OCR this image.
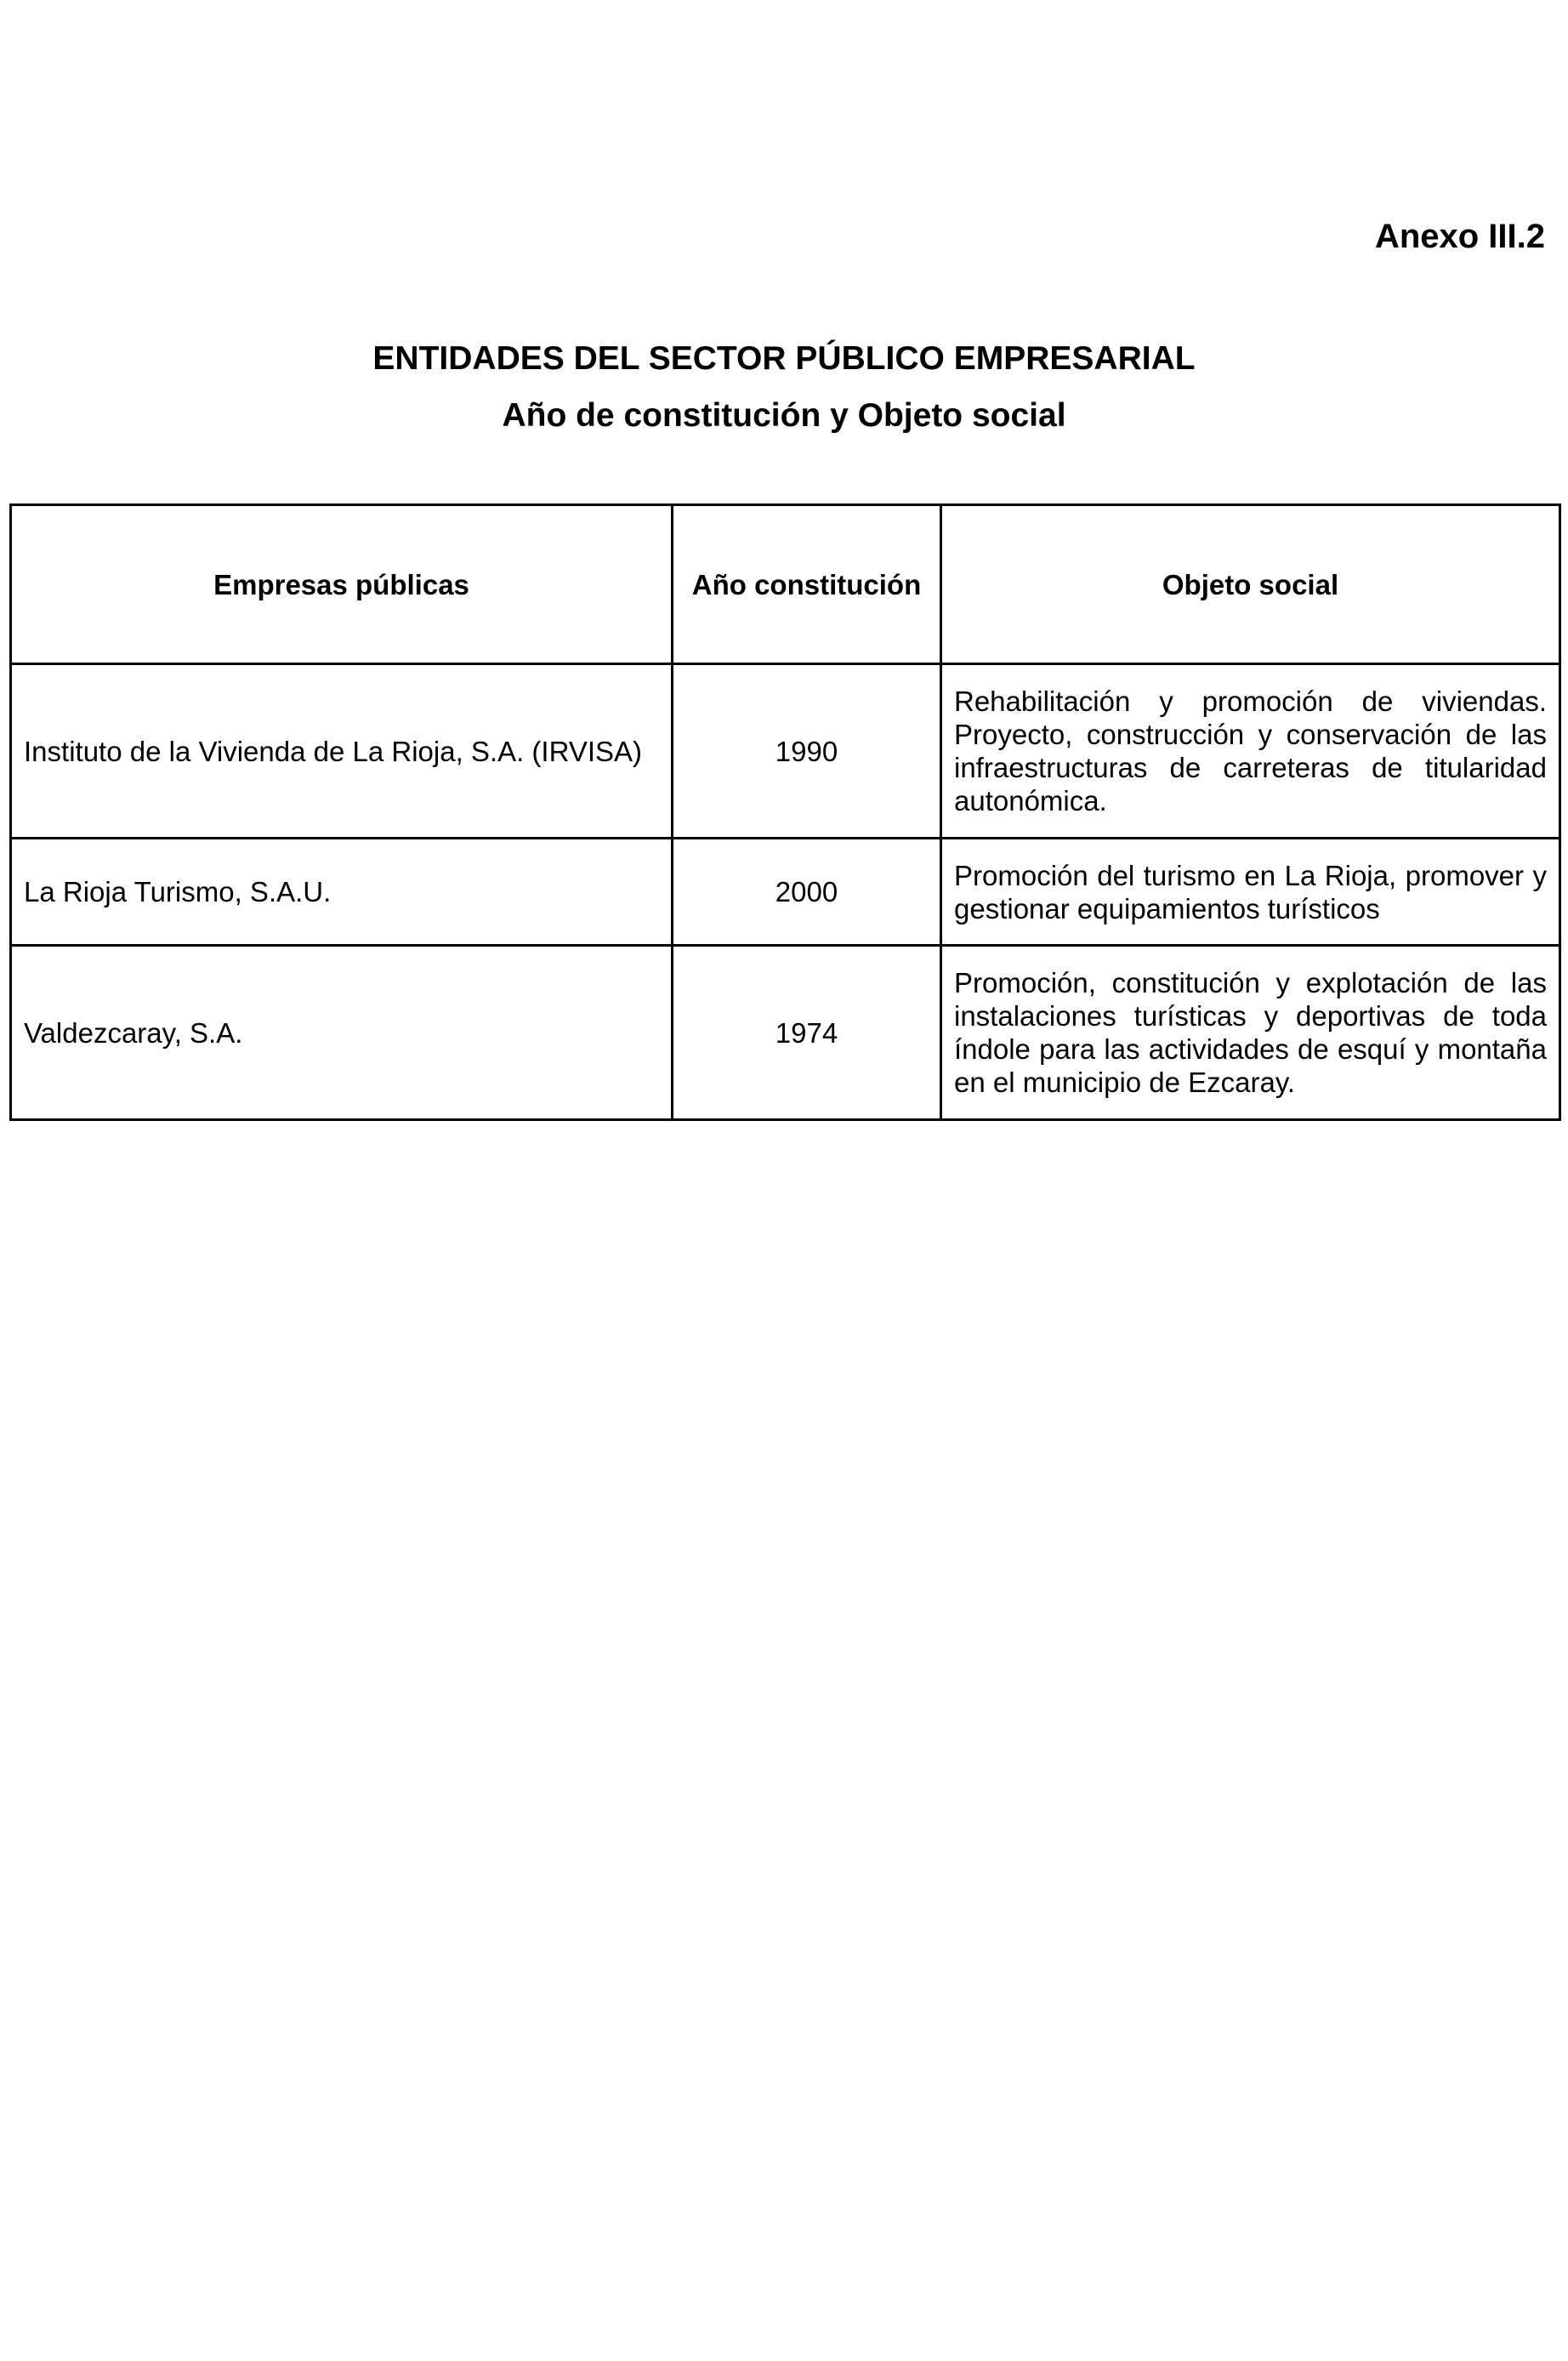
Anexo III.2
ENTIDADES DEL SECTOR PÚBLICO EMPRESARIAL
Año de constitución y Objeto social
Empresas públicas	Año constitución	Objeto social
Instituto de la Vivienda de La Rioja, S.A. (IRVISA)	1990	Rehabilitación y promoción de viviendas. Proyecto, construcción y conservación de las infraestructuras de carreteras de titularidad autonómica.
La Rioja Turismo, S.A.U.	2000	Promoción del turismo en La Rioja, promover y gestionar equipamientos turísticos
Valdezcaray, S.A.	1974	Promoción, constitución y explotación de las instalaciones turísticas y deportivas de toda índole para las actividades de esquí y montaña en el municipio de Ezcaray.
